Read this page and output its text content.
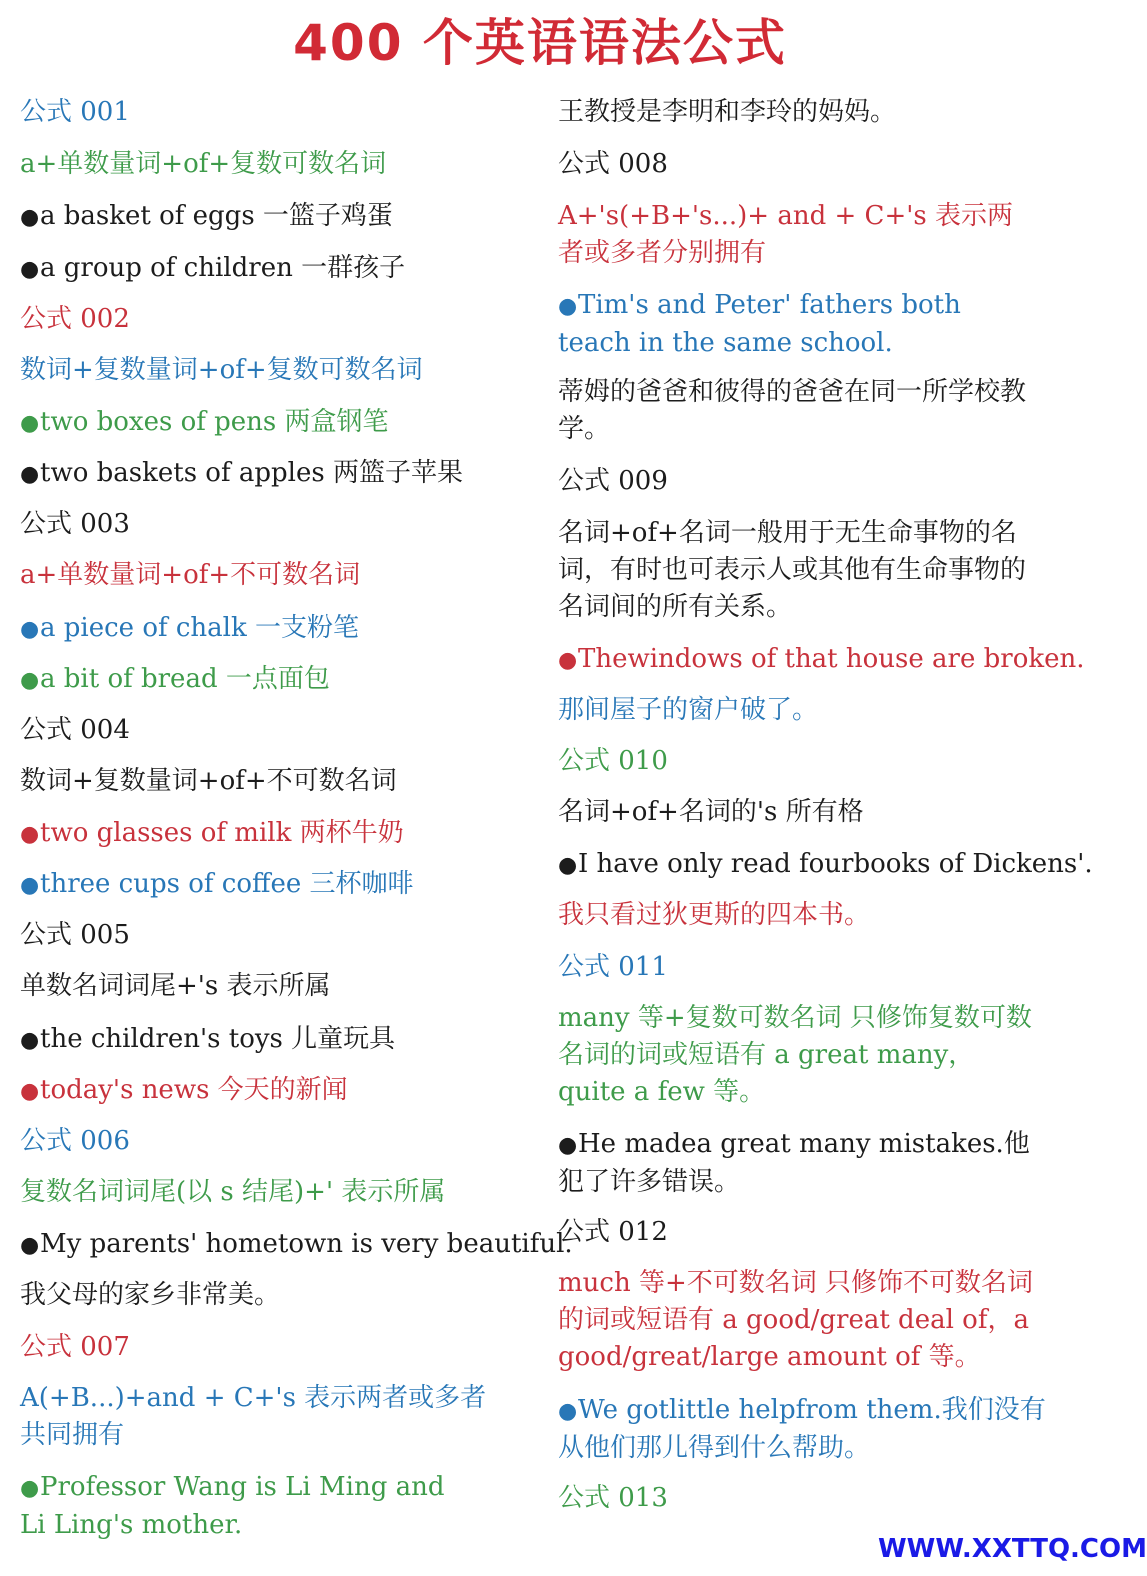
400 个英语语法公式
公式 001
a+单数量词+of+复数可数名词
●a basket of eggs 一篮子鸡蛋
●a group of children 一群孩子
公式 002
数词+复数量词+of+复数可数名词
●two boxes of pens 两盒钢笔
●two baskets of apples 两篮子苹果
公式 003
a+单数量词+of+不可数名词
●a piece of chalk 一支粉笔
●a bit of bread 一点面包
公式 004
数词+复数量词+of+不可数名词
●two glasses of milk 两杯牛奶
●three cups of coffee 三杯咖啡
公式 005
单数名词词尾+'s 表示所属
●the children's toys 儿童玩具
●today's news 今天的新闻
公式 006
复数名词词尾(以 s 结尾)+' 表示所属
●My parents' hometown is very beautiful.
我父母的家乡非常美。
公式 007
A(+B...)+and + C+'s 表示两者或多者共同拥有
●Professor Wang is Li Ming and Li Ling's mother.
王教授是李明和李玲的妈妈。
公式 008
A+'s(+B+'s...)+ and + C+'s 表示两者或多者分别拥有
●Tim's and Peter' fathers both teach in the same school.
蒂姆的爸爸和彼得的爸爸在同一所学校教学。
公式 009
名词+of+名词一般用于无生命事物的名词，有时也可表示人或其他有生命事物的名词间的所有关系。
●Thewindows of that house are broken.
那间屋子的窗户破了。
公式 010
名词+of+名词的's 所有格
●I have only read fourbooks of Dickens'.
我只看过狄更斯的四本书。
公式 011
many 等+复数可数名词 只修饰复数可数名词的词或短语有 a great many，quite a few 等。
●He madea great many mistakes.他犯了许多错误。
公式 012
much 等+不可数名词 只修饰不可数名词的词或短语有 a good/great deal of，a good/great/large amount of 等。
●We gotlittle helpfrom them.我们没有从他们那儿得到什么帮助。
公式 013
WWW.XXTTQ.COM
